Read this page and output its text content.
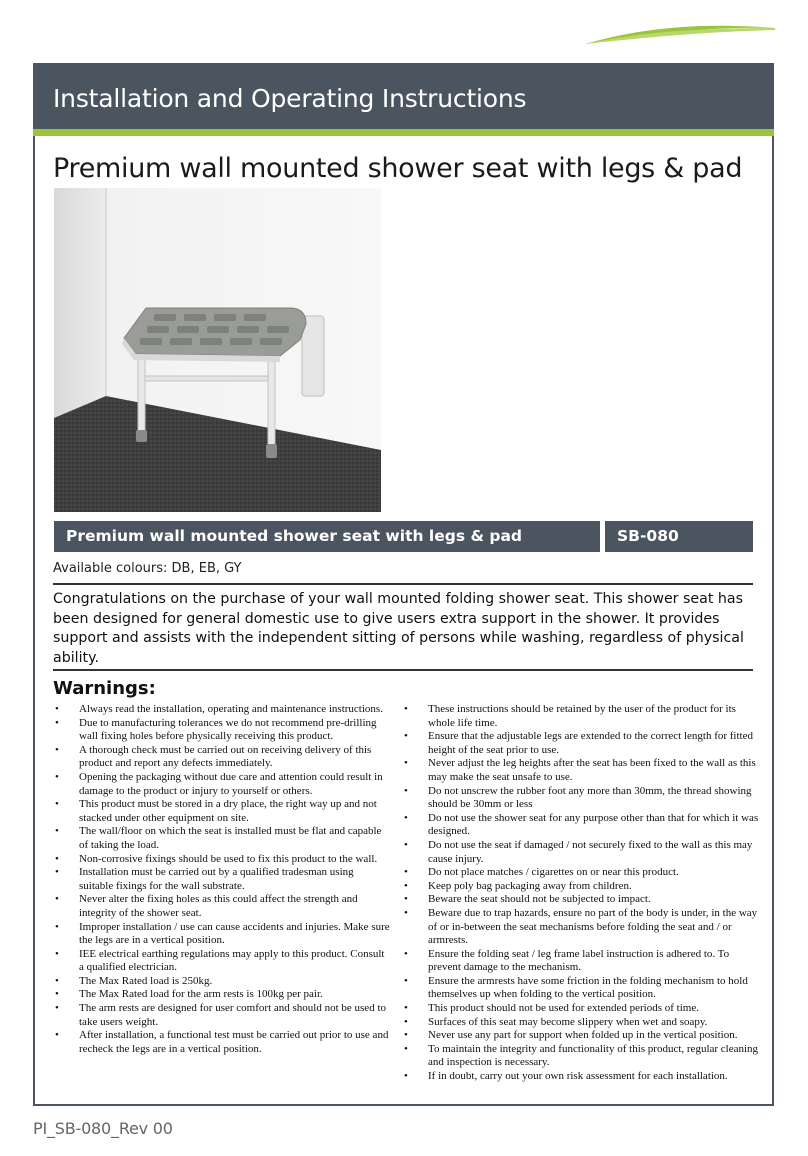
Installation and Operating Instructions
Premium wall mounted shower seat with legs & pad
Premium wall mounted shower seat with legs & pad	SB-080
Available colours: DB, EB, GY
Congratulations on the purchase of your wall mounted folding shower seat. This shower seat has been designed for general domestic use to give users extra support in the shower. It provides support and assists with the independent sitting of persons while washing, regardless of physical ability.
Warnings:
• Always read the installation, operating and maintenance instructions.
• Due to manufacturing tolerances we do not recommend pre-drilling wall fixing holes before physically receiving this product.
• A thorough check must be carried out on receiving delivery of this product and report any defects immediately.
• Opening the packaging without due care and attention could result in damage to the product or injury to yourself or others.
• This product must be stored in a dry place, the right way up and not stacked under other equipment on site.
• The wall/floor on which the seat is installed must be flat and capable of taking the load.
• Non-corrosive fixings should be used to fix this product to the wall.
• Installation must be carried out by a qualified tradesman using suitable fixings for the wall substrate.
• Never alter the fixing holes as this could affect the strength and integrity of the shower seat.
• Improper installation / use can cause accidents and injuries. Make sure the legs are in a vertical position.
• IEE electrical earthing regulations may apply to this product. Consult a qualified electrician.
• The Max Rated load is 250kg.
• The Max Rated load for the arm rests is 100kg per pair.
• The arm rests are designed for user comfort and should not be used to take users weight.
• After installation, a functional test must be carried out prior to use and recheck the legs are in a vertical position.
• These instructions should be retained by the user of the product for its whole life time.
• Ensure that the adjustable legs are extended to the correct length for fitted height of the seat prior to use.
• Never adjust the leg heights after the seat has been fixed to the wall as this may make the seat unsafe to use.
• Do not unscrew the rubber foot any more than 30mm, the thread showing should be 30mm or less
• Do not use the shower seat for any purpose other than that for which it was designed.
• Do not use the seat if damaged / not securely fixed to the wall as this may cause injury.
• Do not place matches / cigarettes on or near this product.
• Keep poly bag packaging away from children.
• Beware the seat should not be subjected to impact.
• Beware due to trap hazards, ensure no part of the body is under, in the way of or in-between the seat mechanisms before folding the seat and / or armrests.
• Ensure the folding seat / leg frame label instruction is adhered to. To prevent damage to the mechanism.
• Ensure the armrests have some friction in the folding mechanism to hold themselves up when folding to the vertical position.
• This product should not be used for extended periods of time.
• Surfaces of this seat may become slippery when wet and soapy.
• Never use any part for support when folded up in the vertical position.
• To maintain the integrity and functionality of this product, regular cleaning and inspection is necessary.
• If in doubt, carry out your own risk assessment for each installation.
PI_SB-080_Rev 00
